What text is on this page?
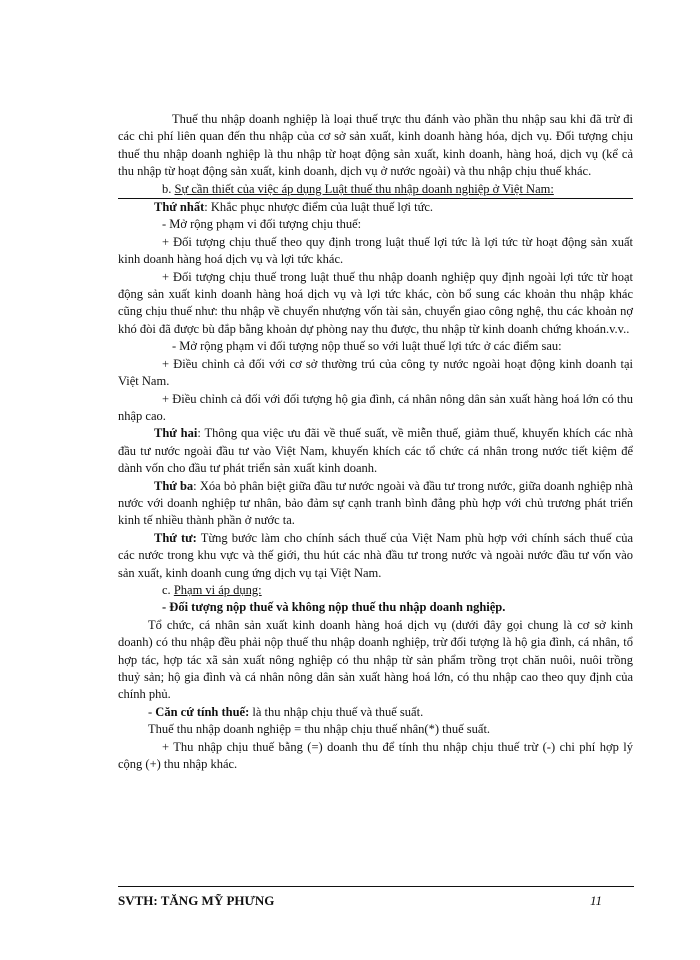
Thuế thu nhập doanh nghiệp là loại thuế trực thu đánh vào phần thu nhập sau khi đã trừ đi các chi phí liên quan đến thu nhập của cơ sở sản xuất, kinh doanh hàng hóa, dịch vụ. Đối tượng chịu thuế thu nhập doanh nghiệp là thu nhập từ hoạt động sản xuất, kinh doanh, hàng hoá, dịch vụ (kể cả thu nhập từ hoạt động sản xuất, kinh doanh, dịch vụ ở nước ngoài) và thu nhập chịu thuế khác.

b. Sự cần thiết của việc áp dụng Luật thuế thu nhập doanh nghiệp ở Việt Nam:

Thứ nhất: Khắc phục nhược điểm của luật thuế lợi tức.

- Mở rộng phạm vi đối tượng chịu thuế:

+ Đối tượng chịu thuế theo quy định trong luật thuế lợi tức là lợi tức từ hoạt động sản xuất kinh doanh hàng hoá dịch vụ và lợi tức khác.

+ Đối tượng chịu thuế trong luật thuế thu nhập doanh nghiệp quy định ngoài lợi tức từ hoạt động sản xuất kinh doanh hàng hoá dịch vụ và lợi tức khác, còn bổ sung các khoản thu nhập khác cũng chịu thuế như: thu nhập về chuyển nhượng vốn tài sản, chuyển giao công nghệ, thu các khoản nợ khó đòi đã được bù đắp bằng khoản dự phòng nay thu được, thu nhập từ kinh doanh chứng khoán.v.v..

- Mở rộng phạm vi đối tượng nộp thuế so với luật thuế lợi tức ở các điểm sau:

+ Điều chỉnh cả đối với cơ sở thường trú của công ty nước ngoài hoạt động kinh doanh tại Việt Nam.

+ Điều chỉnh cả đối với đối tượng hộ gia đình, cá nhân nông dân sản xuất hàng hoá lớn có thu nhập cao.

Thứ hai: Thông qua việc ưu đãi về thuế suất, về miễn thuế, giảm thuế, khuyến khích các nhà đầu tư nước ngoài đầu tư vào Việt Nam, khuyến khích các tổ chức cá nhân trong nước tiết kiệm để dành vốn cho đầu tư phát triển sản xuất kinh doanh.

Thứ ba: Xóa bỏ phân biệt giữa đầu tư nước ngoài và đầu tư trong nước, giữa doanh nghiệp nhà nước với doanh nghiệp tư nhân, bảo đảm sự cạnh tranh bình đẳng phù hợp với chủ trương phát triển kinh tế nhiều thành phần ở nước ta.

Thứ tư: Từng bước làm cho chính sách thuế của Việt Nam phù hợp với chính sách thuế của các nước trong khu vực và thế giới, thu hút các nhà đầu tư trong nước và ngoài nước đầu tư vốn vào sản xuất, kinh doanh cung ứng dịch vụ tại Việt Nam.

c. Phạm vi áp dụng:

- Đối tượng nộp thuế và không nộp thuế thu nhập doanh nghiệp.

Tổ chức, cá nhân sản xuất kinh doanh hàng hoá dịch vụ (dưới đây gọi chung là cơ sở kinh doanh) có thu nhập đều phải nộp thuế thu nhập doanh nghiệp, trừ đối tượng là hộ gia đình, cá nhân, tổ hợp tác, hợp tác xã sản xuất nông nghiệp có thu nhập từ sản phẩm trồng trọt chăn nuôi, nuôi trồng thuỷ sản; hộ gia đình và cá nhân nông dân sản xuất hàng hoá lớn, có thu nhập cao theo quy định của chính phủ.

- Căn cứ tính thuế: là thu nhập chịu thuế và thuế suất.

Thuế thu nhập doanh nghiệp = thu nhập chịu thuế nhân(*) thuế suất.

+ Thu nhập chịu thuế bằng (=) doanh thu để tính thu nhập chịu thuế trừ (-) chi phí hợp lý cộng (+) thu nhập khác.

SVTH: TĂNG MỸ PHƯNG	11
